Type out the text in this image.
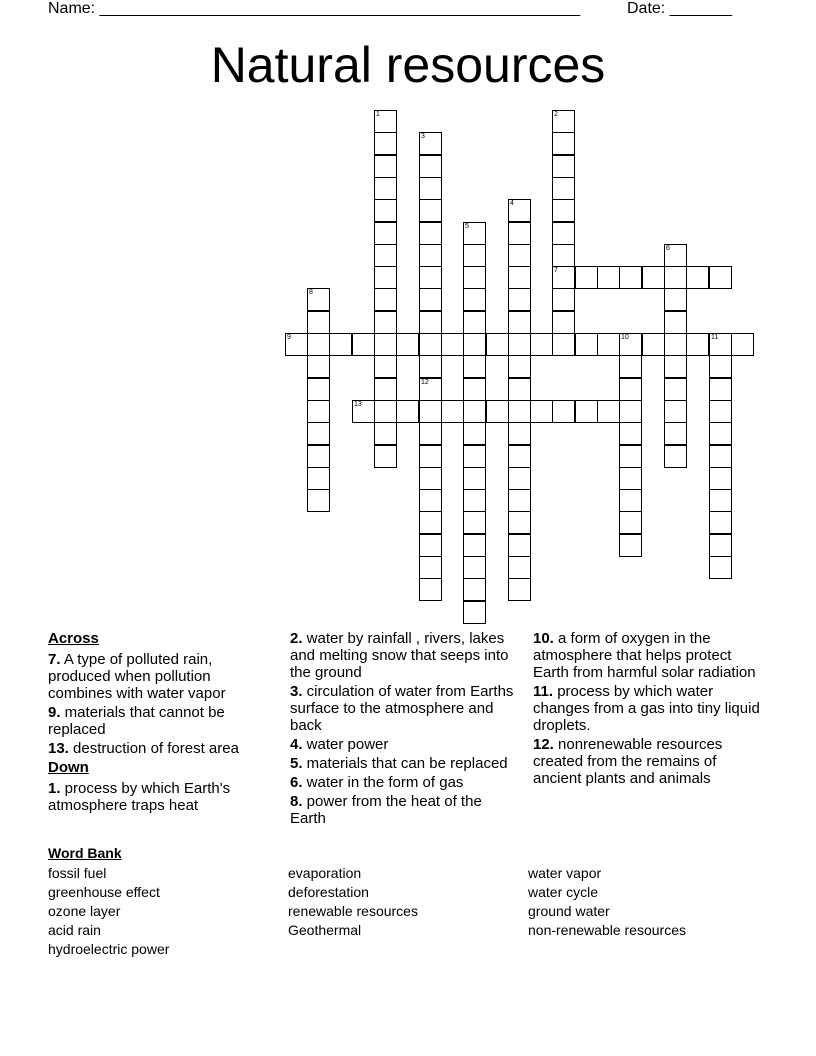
Name: ______________________________________________________	Date: _______
Natural resources
1	2
7
3
12
4
5
6
8
9	10	11
13
Across
7. A type of polluted rain, produced when pollution combines with water vapor
9. materials that cannot be replaced
13. destruction of forest area
Down
1. process by which Earth's atmosphere traps heat
2. water by rainfall , rivers, lakes and melting snow that seeps into the ground
3. circulation of water from Earths surface to the atmosphere and back
4. water power
5. materials that can be replaced
6. water in the form of gas
8. power from the heat of the Earth
10. a form of oxygen in the atmosphere that helps protect Earth from harmful solar radiation
11. process by which water changes from a gas into tiny liquid droplets.
12. nonrenewable resources created from the remains of ancient plants and animals
Word Bank
fossil fuel
greenhouse effect
ozone layer
acid rain
hydroelectric power
evaporation
deforestation
renewable resources
Geothermal
water vapor
water cycle
ground water
non-renewable resources
